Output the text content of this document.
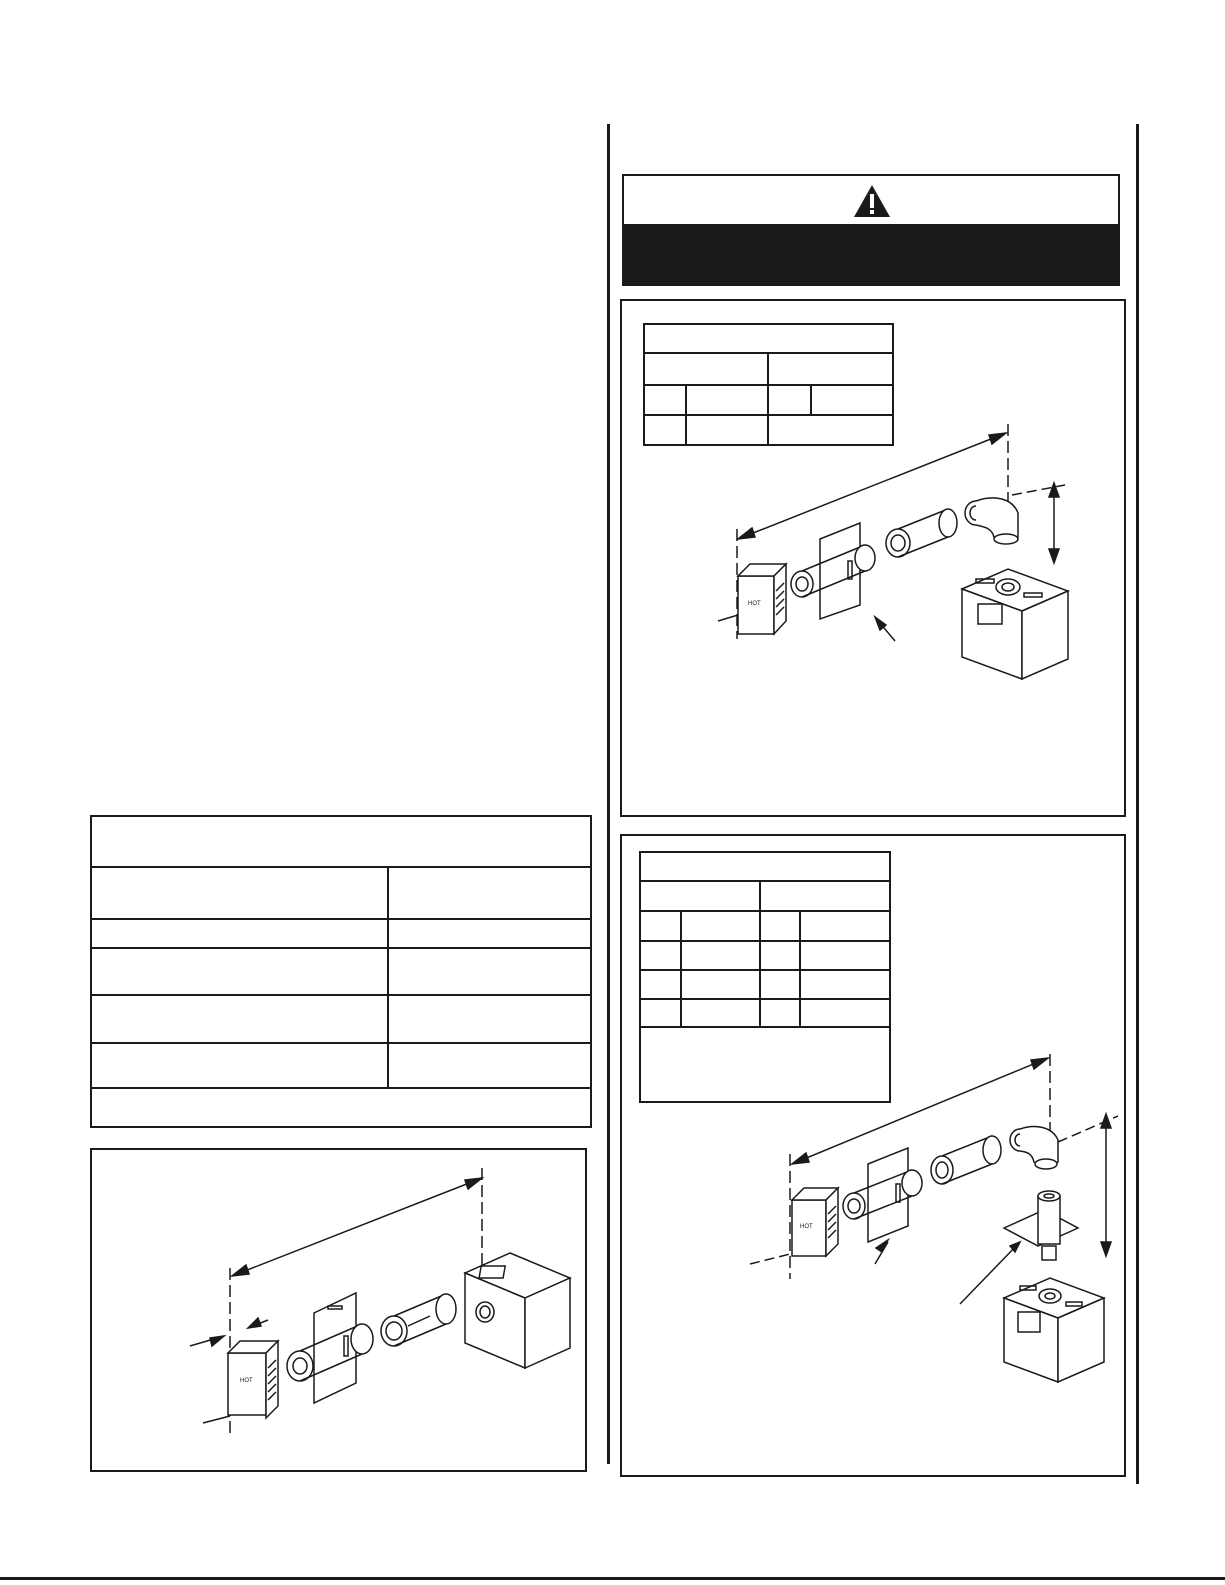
HOT
HOT
HOT
